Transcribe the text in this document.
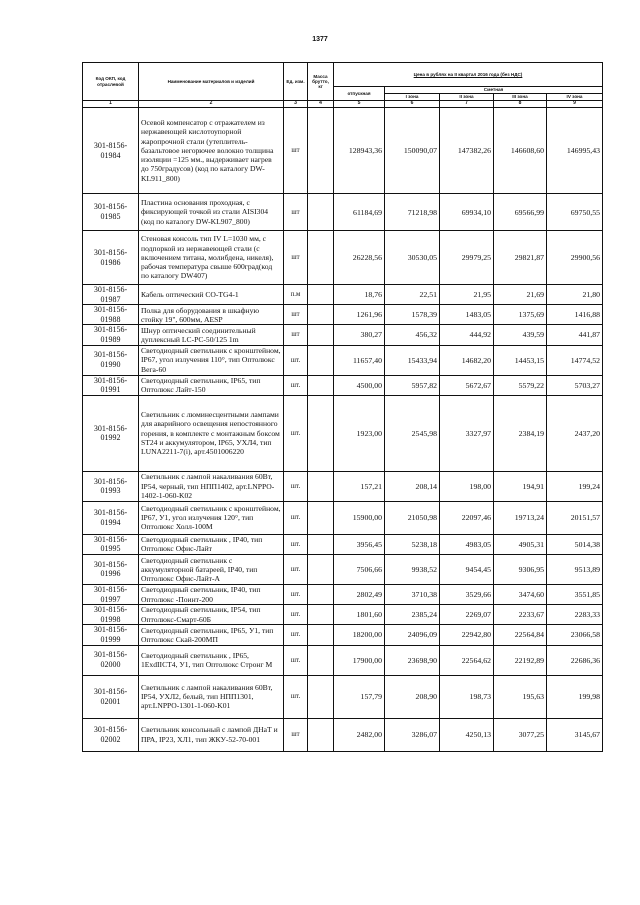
1377
Код ОКП, код отраслевой	Наименование материалов и изделий	Ед. изм.	Масса брутто, кг	Цена в рублях на II квартал 2016 года (без НДС)				
				отпускная	Сметная			
					I зона	II зона	III зона	IV зона
1	2	3	4	5	6	7	8	9
301-8156-01984	Осевой компенсатор с отражателем из нержавеющей кислотоупорной жаропрочной стали (утеплитель-базальтовое негорючее волокно толщина изоляции =125 мм., выдерживает нагрев до 750градусов) (код по каталогу DW-KL911_800)	шт		128943,36	150090,07	147382,26	146608,60	146995,43
301-8156-01985	Пластина основания проходная, с фиксирующей точкой из стали AISI304 (код по каталогу DW-KL907_800)	шт		61184,69	71218,98	69934,10	69566,99	69750,55
301-8156-01986	Стеновая консоль тип IV L=1030 мм, с подпоркой из нержавеющей стали (с включением титана, молибдена, никеля), рабочая температура свыше 600град(код по каталогу DW407)	шт		26228,56	30530,05	29979,25	29821,87	29900,56
301-8156-01987	Кабель оптический CO-TG4-1	п.м		18,76	22,51	21,95	21,69	21,80
301-8156-01988	Полка для оборудования в шкафную стойку 19", 600мм, AESP	шт		1261,96	1578,39	1483,05	1375,69	1416,88
301-8156-01989	Шнур оптический соединительный дуплексный LC-PC-50/125 1m	шт		380,27	456,32	444,92	439,59	441,87
301-8156-01990	Светодиодный светильник с кронштейном, IP67, угол излучения 110°, тип Оптолюкс Вега-60	шт.		11657,40	15433,94	14682,20	14453,15	14774,52
301-8156-01991	Светодиодный светильник, IP65, тип Оптолюкс Лайт-150	шт.		4500,00	5957,82	5672,67	5579,22	5703,27
301-8156-01992	Светильник с люминесцентными лампами для аварийного освещения непостоянного горения, в комплекте с монтажным боксом ST24 и аккумулятором, IP65, УХЛ4, тип LUNA2211-7(i), арт.4501006220	шт.		1923,00	2545,98	3327,97	2384,19	2437,20
301-8156-01993	Светильник с лампой накаливания 60Вт, IP54, черный, тип НПП1402, арт.LNPPO-1402-1-060-K02	шт.		157,21	208,14	198,00	194,91	199,24
301-8156-01994	Светодиодный светильник с кронштейном, IP67, У1, угол излучения 120°, тип Оптолюкс Холл-100М	шт.		15900,00	21050,98	22097,46	19713,24	20151,57
301-8156-01995	Светодиодный светильник , IP40, тип Оптолюкс Офис-Лайт	шт.		3956,45	5238,18	4983,05	4905,31	5014,38
301-8156-01996	Светодиодный светильник с аккумуляторной батареей, IP40, тип Оптолюкс Офис-Лайт-А	шт.		7506,66	9938,52	9454,45	9306,95	9513,89
301-8156-01997	Светодиодный светильник, IP40, тип Оптолюкс -Поинт-200	шт.		2802,49	3710,38	3529,66	3474,60	3551,85
301-8156-01998	Светодиодный светильник, IP54, тип Оптолюкс-Смарт-60Б	шт.		1801,60	2385,24	2269,07	2233,67	2283,33
301-8156-01999	Светодиодный светильник, IP65, У1, тип Оптолюкс Скай-200МП	шт.		18200,00	24096,09	22942,80	22564,84	23066,58
301-8156-02000	Светодиодный светильник , IP65, 1ExdIICT4, У1, тип Оптолюкс Стронг М	шт.		17900,00	23698,90	22564,62	22192,89	22686,36
301-8156-02001	Светильник с лампой накаливания 60Вт, IP54, УХЛ2, белый, тип НПП1301, арт.LNPPO-1301-1-060-K01	шт.		157,79	208,90	198,73	195,63	199,98
301-8156-02002	Светильник консольный с лампой ДНаТ и ПРА, IP23, ХЛ1, тип ЖКУ-52-70-001	шт		2482,00	3286,07	4250,13	3077,25	3145,67
